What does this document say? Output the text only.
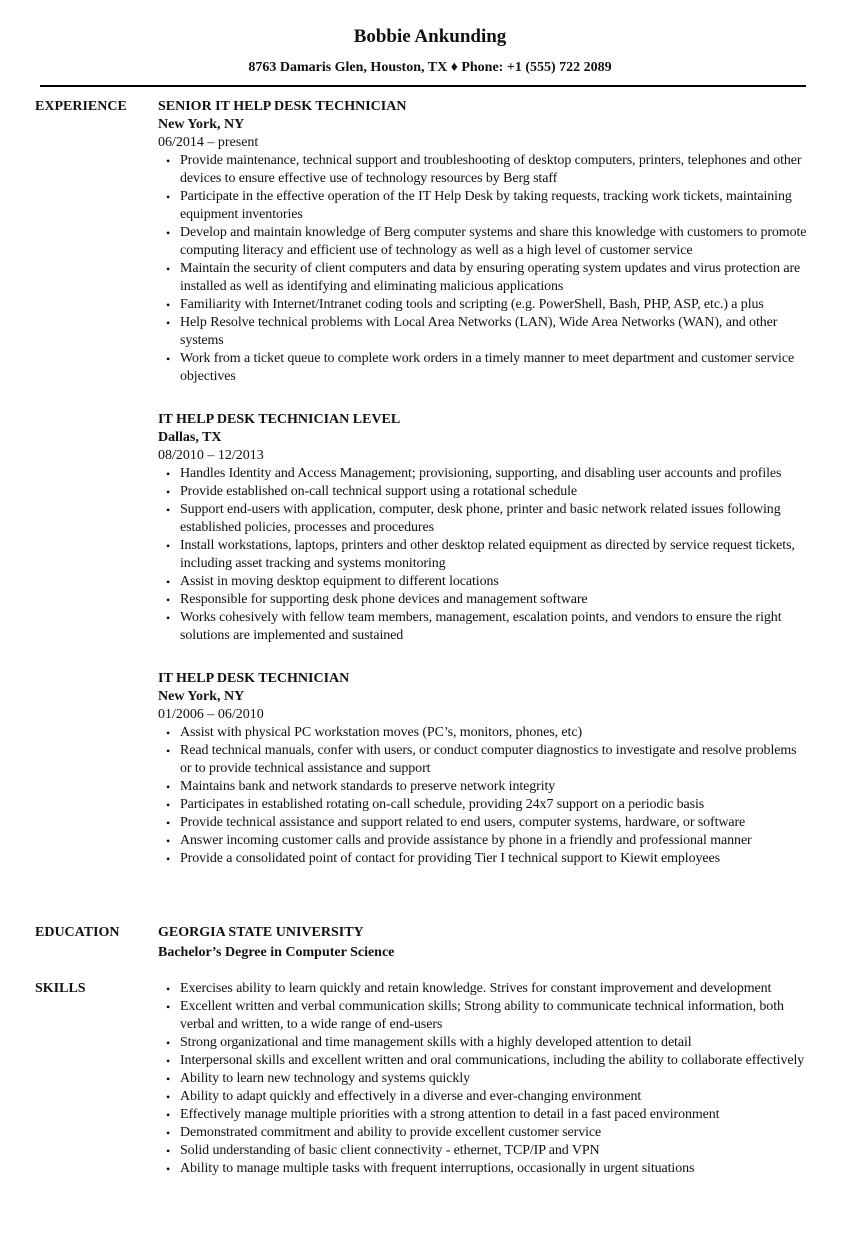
Bobbie Ankunding
8763 Damaris Glen, Houston, TX ♦ Phone: +1 (555) 722 2089
EXPERIENCE SENIOR IT HELP DESK TECHNICIAN
New York, NY
06/2014 – present
• Provide maintenance, technical support and troubleshooting of desktop computers, printers, telephones and other devices to ensure effective use of technology resources by Berg staff
• Participate in the effective operation of the IT Help Desk by taking requests, tracking work tickets, maintaining equipment inventories
• Develop and maintain knowledge of Berg computer systems and share this knowledge with customers to promote computing literacy and efficient use of technology as well as a high level of customer service
• Maintain the security of client computers and data by ensuring operating system updates and virus protection are installed as well as identifying and eliminating malicious applications
• Familiarity with Internet/Intranet coding tools and scripting (e.g. PowerShell, Bash, PHP, ASP, etc.) a plus
• Help Resolve technical problems with Local Area Networks (LAN), Wide Area Networks (WAN), and other systems
• Work from a ticket queue to complete work orders in a timely manner to meet department and customer service objectives
IT HELP DESK TECHNICIAN LEVEL
Dallas, TX
08/2010 – 12/2013
• Handles Identity and Access Management; provisioning, supporting, and disabling user accounts and profiles
• Provide established on-call technical support using a rotational schedule
• Support end-users with application, computer, desk phone, printer and basic network related issues following established policies, processes and procedures
• Install workstations, laptops, printers and other desktop related equipment as directed by service request tickets, including asset tracking and systems monitoring
• Assist in moving desktop equipment to different locations
• Responsible for supporting desk phone devices and management software
• Works cohesively with fellow team members, management, escalation points, and vendors to ensure the right solutions are implemented and sustained
IT HELP DESK TECHNICIAN
New York, NY
01/2006 – 06/2010
• Assist with physical PC workstation moves (PC’s, monitors, phones, etc)
• Read technical manuals, confer with users, or conduct computer diagnostics to investigate and resolve problems or to provide technical assistance and support
• Maintains bank and network standards to preserve network integrity
• Participates in established rotating on-call schedule, providing 24x7 support on a periodic basis
• Provide technical assistance and support related to end users, computer systems, hardware, or software
• Answer incoming customer calls and provide assistance by phone in a friendly and professional manner
• Provide a consolidated point of contact for providing Tier I technical support to Kiewit employees
EDUCATION	GEORGIA STATE UNIVERSITY
Bachelor’s Degree in Computer Science
SKILLS	• Exercises ability to learn quickly and retain knowledge. Strives for constant improvement and development
• Excellent written and verbal communication skills; Strong ability to communicate technical information, both verbal and written, to a wide range of end-users
• Strong organizational and time management skills with a highly developed attention to detail
• Interpersonal skills and excellent written and oral communications, including the ability to collaborate effectively
• Ability to learn new technology and systems quickly
• Ability to adapt quickly and effectively in a diverse and ever-changing environment
• Effectively manage multiple priorities with a strong attention to detail in a fast paced environment
• Demonstrated commitment and ability to provide excellent customer service
• Solid understanding of basic client connectivity - ethernet, TCP/IP and VPN
• Ability to manage multiple tasks with frequent interruptions, occasionally in urgent situations
